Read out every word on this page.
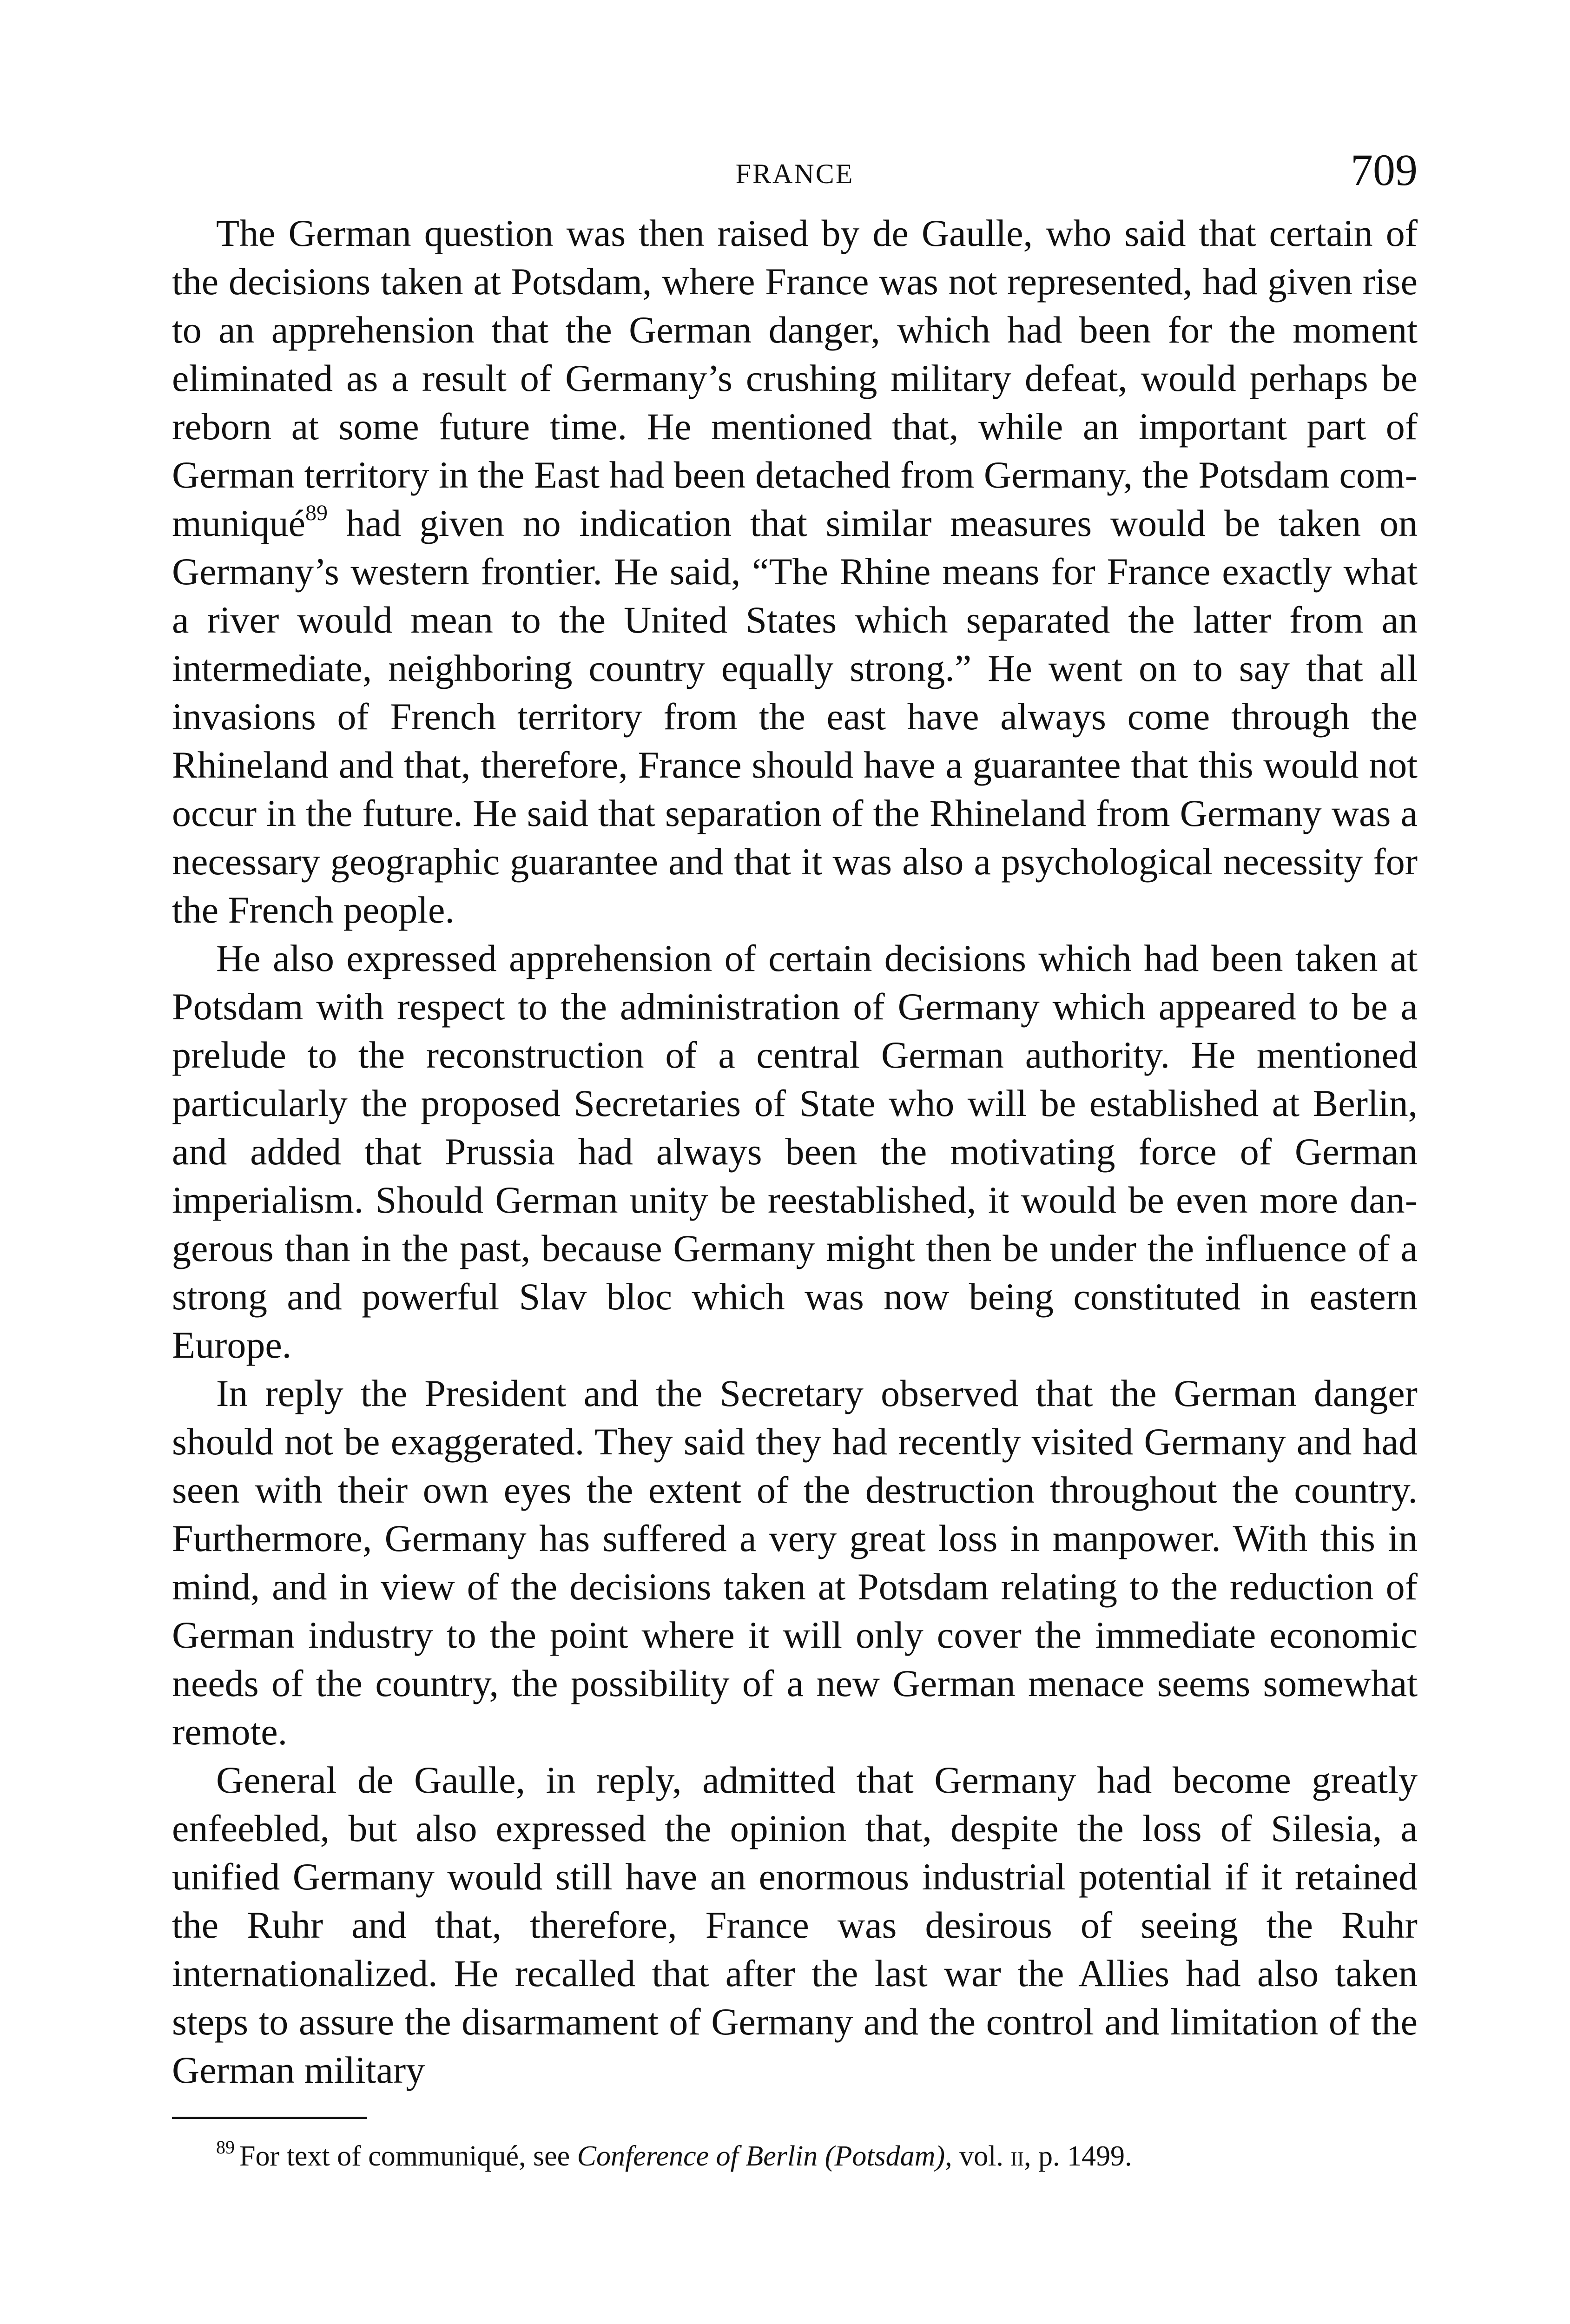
FRANCE	709

The German question was then raised by de Gaulle, who said that certain of the decisions taken at Potsdam, where France was not represented, had given rise to an apprehension that the German danger, which had been for the moment eliminated as a result of Germany’s crushing military defeat, would perhaps be reborn at some future time. He mentioned that, while an important part of German territory in the East had been detached from Germany, the Potsdam communiqué$^{89}$ had given no indication that similar measures would be taken on Germany’s western frontier. He said, “The Rhine means for France exactly what a river would mean to the United States which separated the latter from an intermediate, neighboring country equally strong.” He went on to say that all invasions of French territory from the east have always come through the Rhineland and that, therefore, France should have a guarantee that this would not occur in the future. He said that separation of the Rhineland from Germany was a necessary geographic guarantee and that it was also a psychological necessity for the French people.

He also expressed apprehension of certain decisions which had been taken at Potsdam with respect to the administration of Germany which appeared to be a prelude to the reconstruction of a central German authority. He mentioned particularly the proposed Secretaries of State who will be established at Berlin, and added that Prussia had always been the motivating force of German imperialism. Should German unity be reestablished, it would be even more dangerous than in the past, because Germany might then be under the influence of a strong and powerful Slav bloc which was now being constituted in eastern Europe.

In reply the President and the Secretary observed that the German danger should not be exaggerated. They said they had recently visited Germany and had seen with their own eyes the extent of the destruction throughout the country. Furthermore, Germany has suffered a very great loss in manpower. With this in mind, and in view of the decisions taken at Potsdam relating to the reduction of German industry to the point where it will only cover the immediate economic needs of the country, the possibility of a new German menace seems somewhat remote.

General de Gaulle, in reply, admitted that Germany had become greatly enfeebled, but also expressed the opinion that, despite the loss of Silesia, a unified Germany would still have an enormous industrial potential if it retained the Ruhr and that, therefore, France was desirous of seeing the Ruhr internationalized. He recalled that after the last war the Allies had also taken steps to assure the disarmament of Germany and the control and limitation of the German military

$^{89}$ For text of communiqué, see Conference of Berlin (Potsdam), vol. ii, p. 1499.
